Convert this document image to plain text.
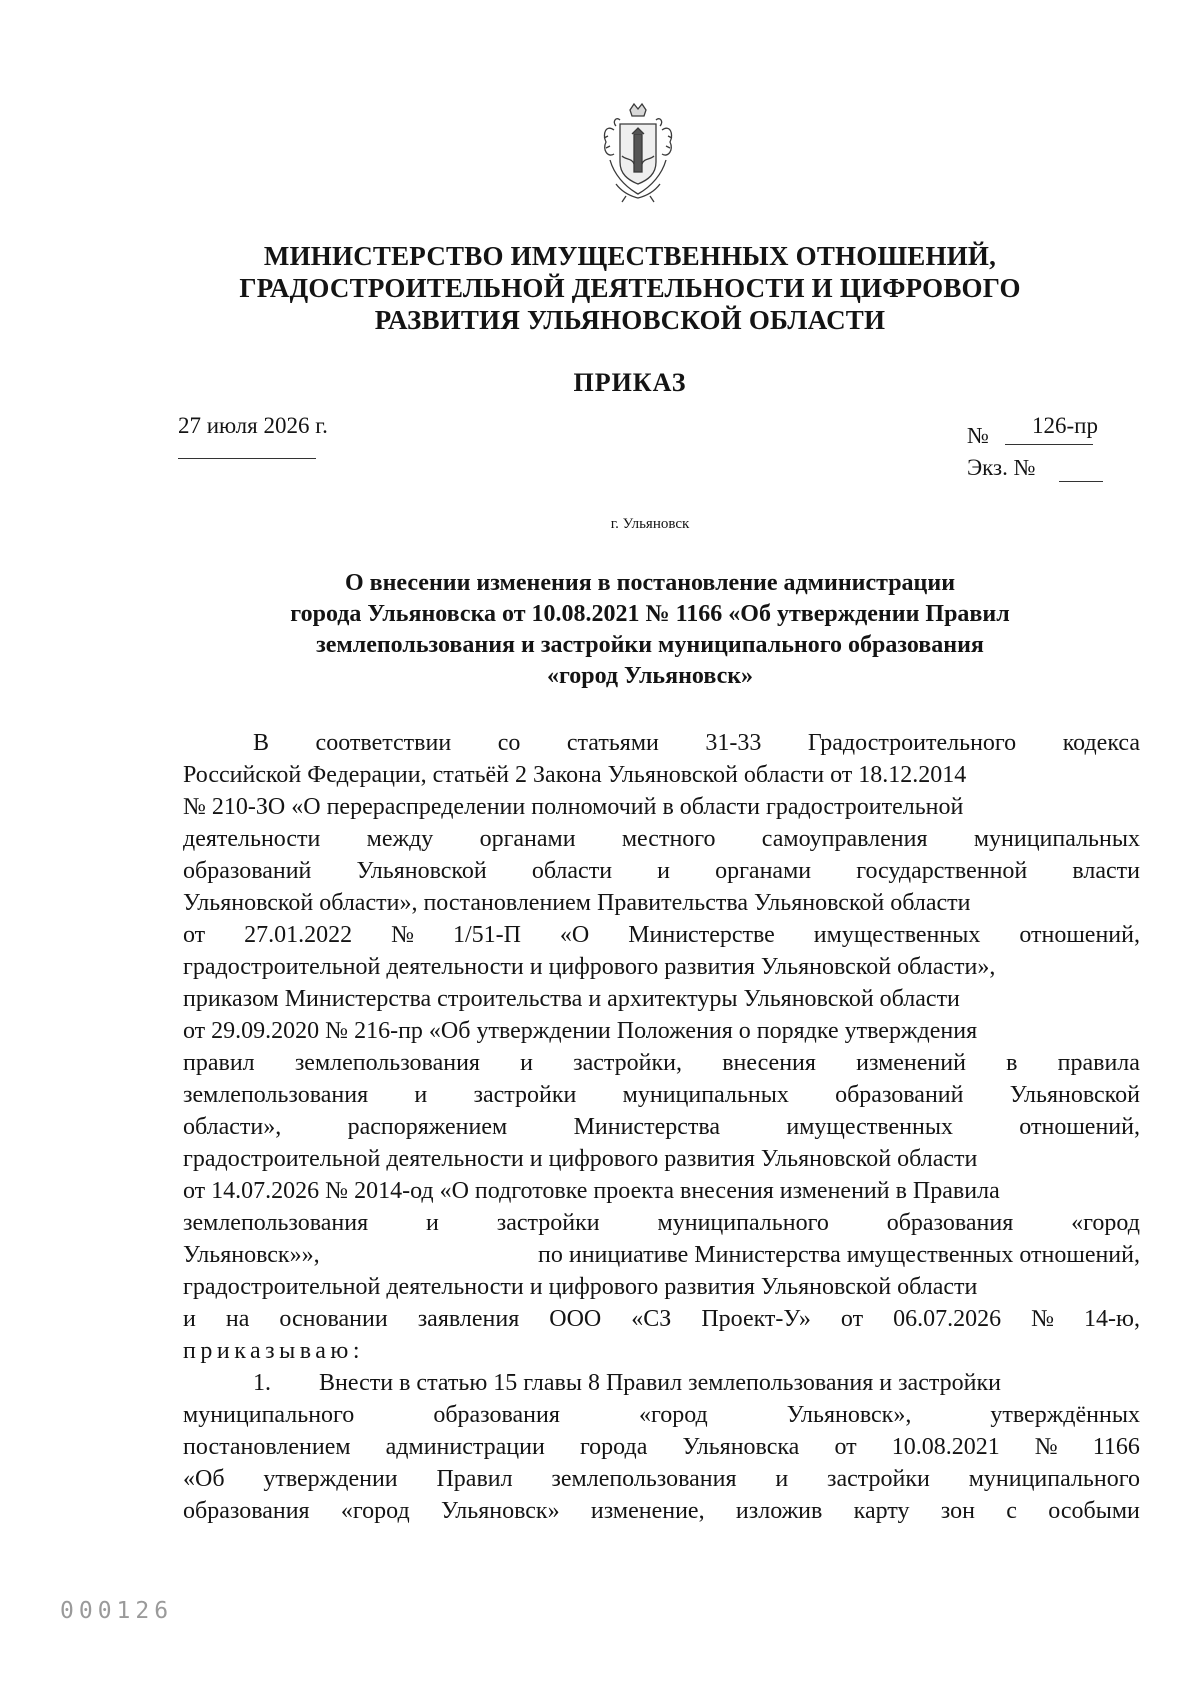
МИНИСТЕРСТВО ИМУЩЕСТВЕННЫХ ОТНОШЕНИЙ,
ГРАДОСТРОИТЕЛЬНОЙ ДЕЯТЕЛЬНОСТИ И ЦИФРОВОГО
РАЗВИТИЯ УЛЬЯНОВСКОЙ ОБЛАСТИ
ПРИКАЗ
27 июля 2026 г.	№ 126-пр
Экз. №
г. Ульяновск
О внесении изменения в постановление администрации
города Ульяновска от 10.08.2021 № 1166 «Об утверждении Правил
землепользования и застройки муниципального образования
«город Ульяновск»
В соответствии со статьями 31-33 Градостроительного кодекса
Российской Федерации, статьёй 2 Закона Ульяновской области от 18.12.2014
№ 210-ЗО «О перераспределении полномочий в области градостроительной
деятельности между органами местного самоуправления муниципальных
образований Ульяновской области и органами государственной власти
Ульяновской области», постановлением Правительства Ульяновской области
от 27.01.2022 № 1/51-П «О Министерстве имущественных отношений,
градостроительной деятельности и цифрового развития Ульяновской области»,
приказом Министерства строительства и архитектуры Ульяновской области
от 29.09.2020 № 216-пр «Об утверждении Положения о порядке утверждения
правил землепользования и застройки, внесения изменений в правила
землепользования и застройки муниципальных образований Ульяновской
области»,	распоряжением	Министерства	имущественных	отношений,
градостроительной деятельности и цифрового развития Ульяновской области
от 14.07.2026 № 2014-од «О подготовке проекта внесения изменений в Правила
землепользования и застройки муниципального образования «город
Ульяновск»»,	по инициативе Министерства имущественных отношений,
градостроительной деятельности и цифрового развития Ульяновской области
и на основании заявления ООО «СЗ Проект-У» от 06.07.2026 № 14-ю,
приказываю:
1. Внести в статью 15 главы 8 Правил землепользования и застройки
муниципального	образования	«город	Ульяновск»,	утверждённых
постановлением администрации города Ульяновска от 10.08.2021 № 1166
«Об утверждении Правил землепользования и застройки муниципального
образования «город Ульяновск» изменение, изложив карту зон с особыми
000126
